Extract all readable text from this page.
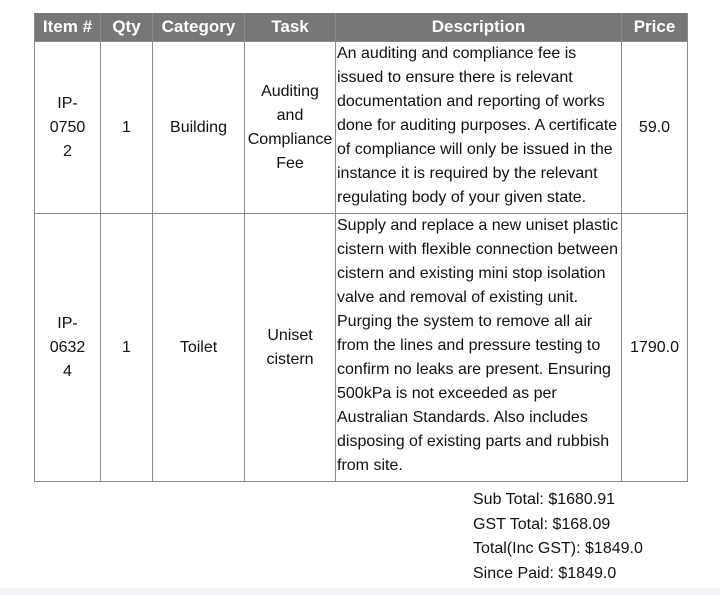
Item #	Qty	Category	Task	Description	Price
IP-07502	1	Building	Auditing and Compliance Fee	An auditing and compliance fee is issued to ensure there is relevant documentation and reporting of works done for auditing purposes. A certificate of compliance will only be issued in the instance it is required by the relevant regulating body of your given state.	59.0
IP-06324	1	Toilet	Uniset cistern	Supply and replace a new uniset plastic cistern with flexible connection between cistern and existing mini stop isolation valve and removal of existing unit. Purging the system to remove all air from the lines and pressure testing to confirm no leaks are present. Ensuring 500kPa is not exceeded as per Australian Standards. Also includes disposing of existing parts and rubbish from site.	1790.0
Sub Total: $1680.91
GST Total: $168.09
Total(Inc GST): $1849.0
Since Paid: $1849.0
